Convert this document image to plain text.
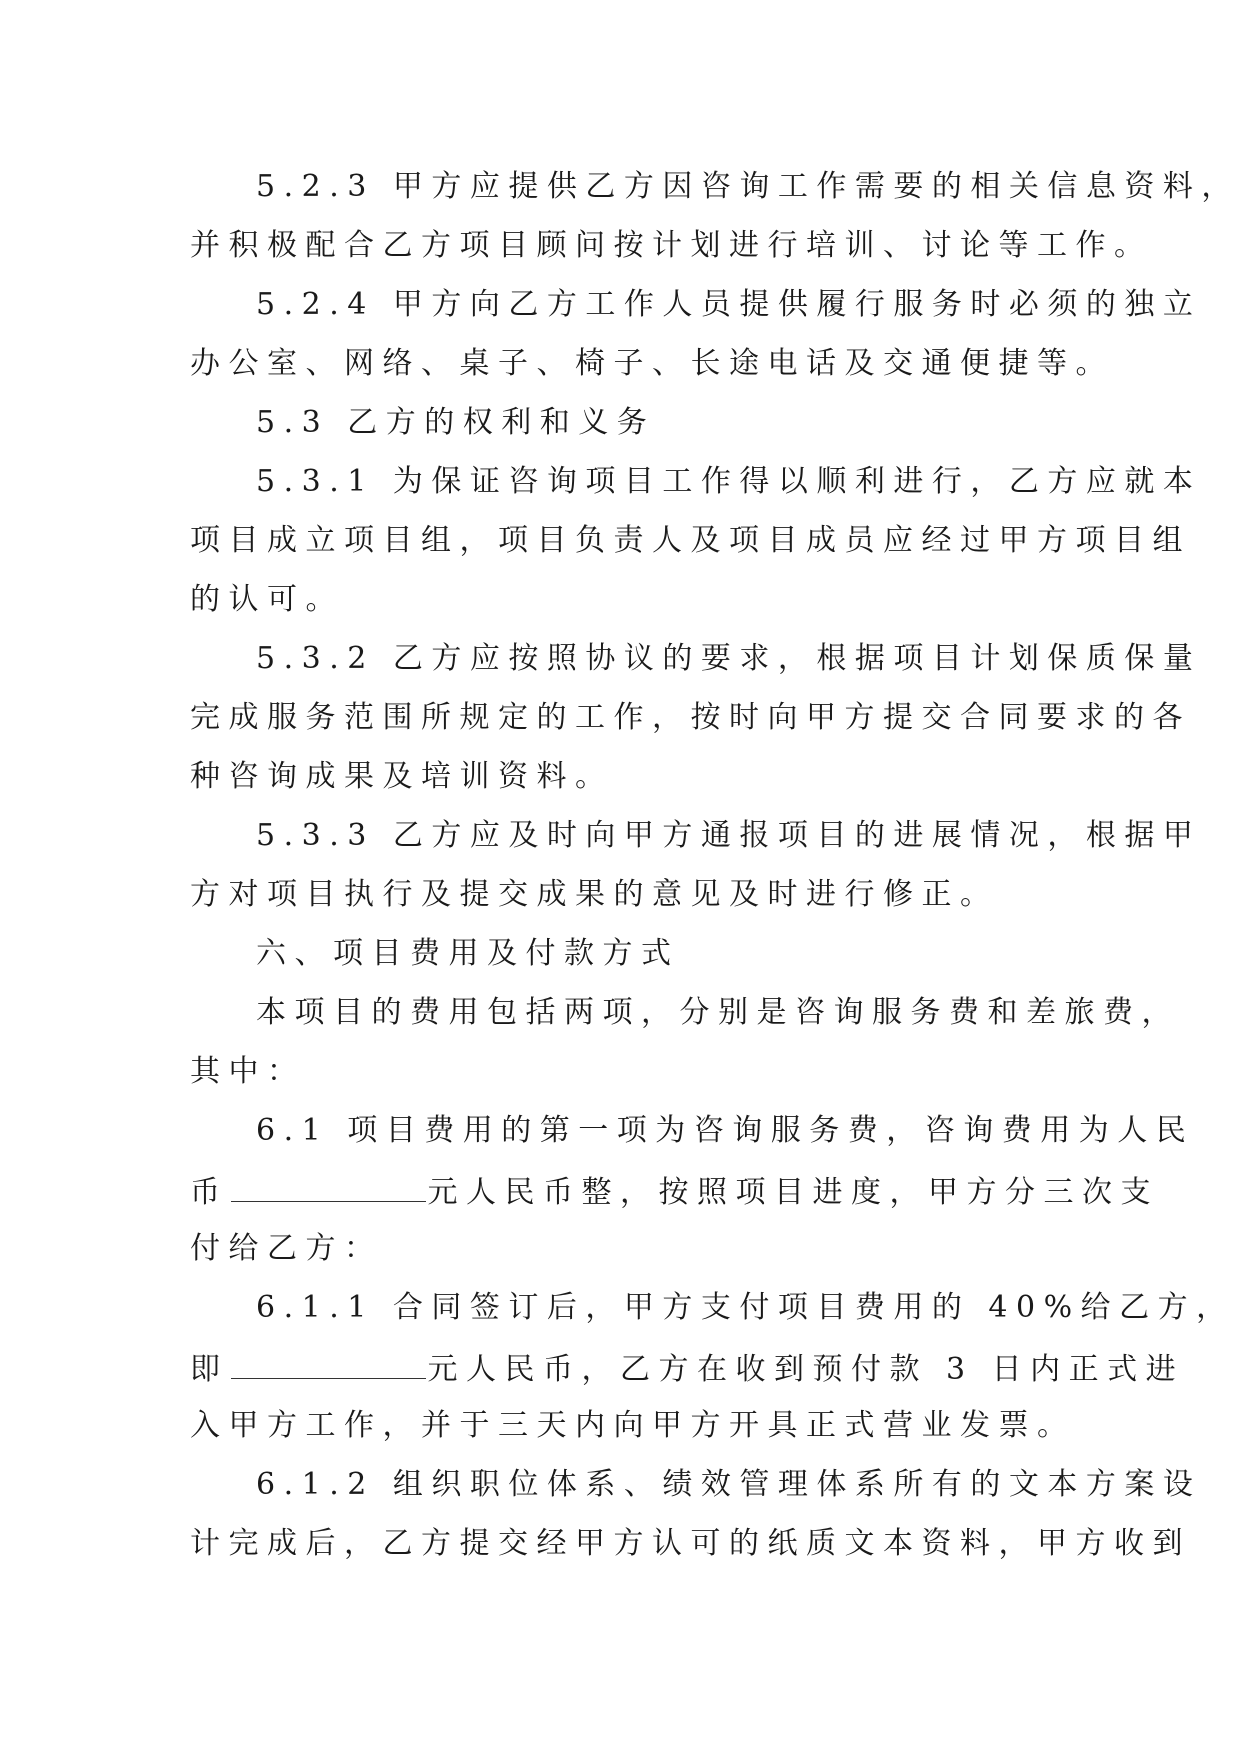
5.2.3 甲方应提供乙方因咨询工作需要的相关信息资料，
并积极配合乙方项目顾问按计划进行培训、讨论等工作。
5.2.4 甲方向乙方工作人员提供履行服务时必须的独立
办公室、网络、桌子、椅子、长途电话及交通便捷等。
5.3 乙方的权利和义务
5.3.1 为保证咨询项目工作得以顺利进行，乙方应就本
项目成立项目组，项目负责人及项目成员应经过甲方项目组
的认可。
5.3.2 乙方应按照协议的要求，根据项目计划保质保量
完成服务范围所规定的工作，按时向甲方提交合同要求的各
种咨询成果及培训资料。
5.3.3 乙方应及时向甲方通报项目的进展情况，根据甲
方对项目执行及提交成果的意见及时进行修正。
六、项目费用及付款方式
本项目的费用包括两项，分别是咨询服务费和差旅费，
其中：
6.1 项目费用的第一项为咨询服务费，咨询费用为人民
币	元人民币整，按照项目进度，甲方分三次支
付给乙方：
6.1.1 合同签订后，甲方支付项目费用的 40%给乙方，
即	元人民币，乙方在收到预付款 3 日内正式进
入甲方工作，并于三天内向甲方开具正式营业发票。
6.1.2 组织职位体系、绩效管理体系所有的文本方案设
计完成后，乙方提交经甲方认可的纸质文本资料，甲方收到
